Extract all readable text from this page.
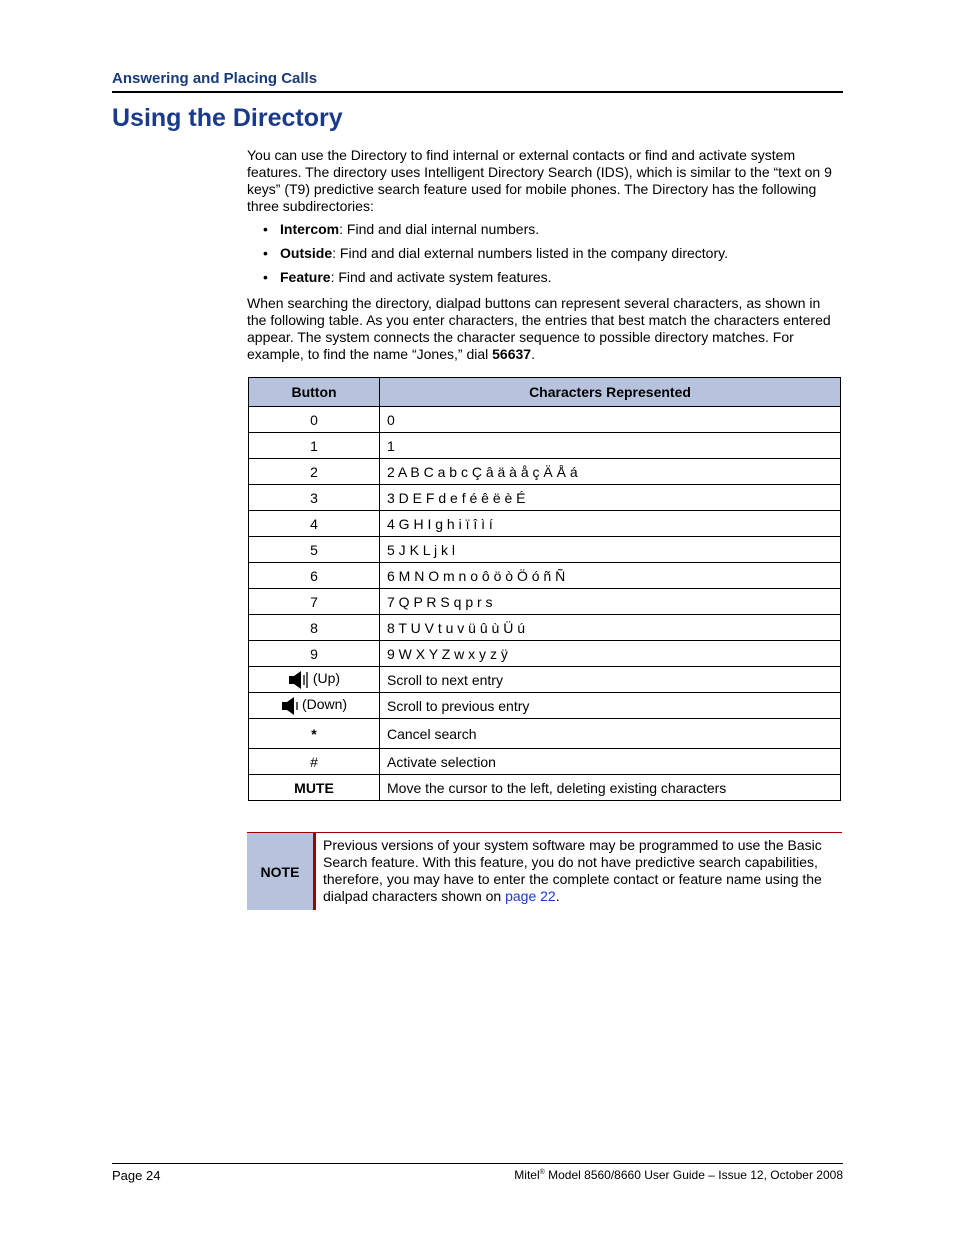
Answering and Placing Calls
Using the Directory

You can use the Directory to find internal or external contacts or find and activate system features. The directory uses Intelligent Directory Search (IDS), which is similar to the “text on 9 keys” (T9) predictive search feature used for mobile phones. The Directory has the following three subdirectories:

• Intercom: Find and dial internal numbers.
• Outside: Find and dial external numbers listed in the company directory.
• Feature: Find and activate system features.

When searching the directory, dialpad buttons can represent several characters, as shown in the following table. As you enter characters, the entries that best match the characters entered appear. The system connects the character sequence to possible directory matches. For example, to find the name “Jones,” dial 56637.

Button	Characters Represented
0	0
1	1
2	2 A B C a b c Ç â ä à å ç Ä Å á
3	3 D E F d e f é ê ë è É
4	4 G H I g h i ï î ì í
5	5 J K L j k l
6	6 M N O m n o ô ö ò Ö ó ñ Ñ
7	7 Q P R S q p r s
8	8 T U V t u v ü û ù Ü ú
9	9 W X Y Z w x y z ÿ
(Up)	Scroll to next entry
(Down)	Scroll to previous entry
*	Cancel search
#	Activate selection
MUTE	Move the cursor to the left, deleting existing characters
NOTE
Previous versions of your system software may be programmed to use the Basic Search feature. With this feature, you do not have predictive search capabilities, therefore, you may have to enter the complete contact or feature name using the dialpad characters shown on page 22.
Page 24	Mitel® Model 8560/8660 User Guide – Issue 12, October 2008
